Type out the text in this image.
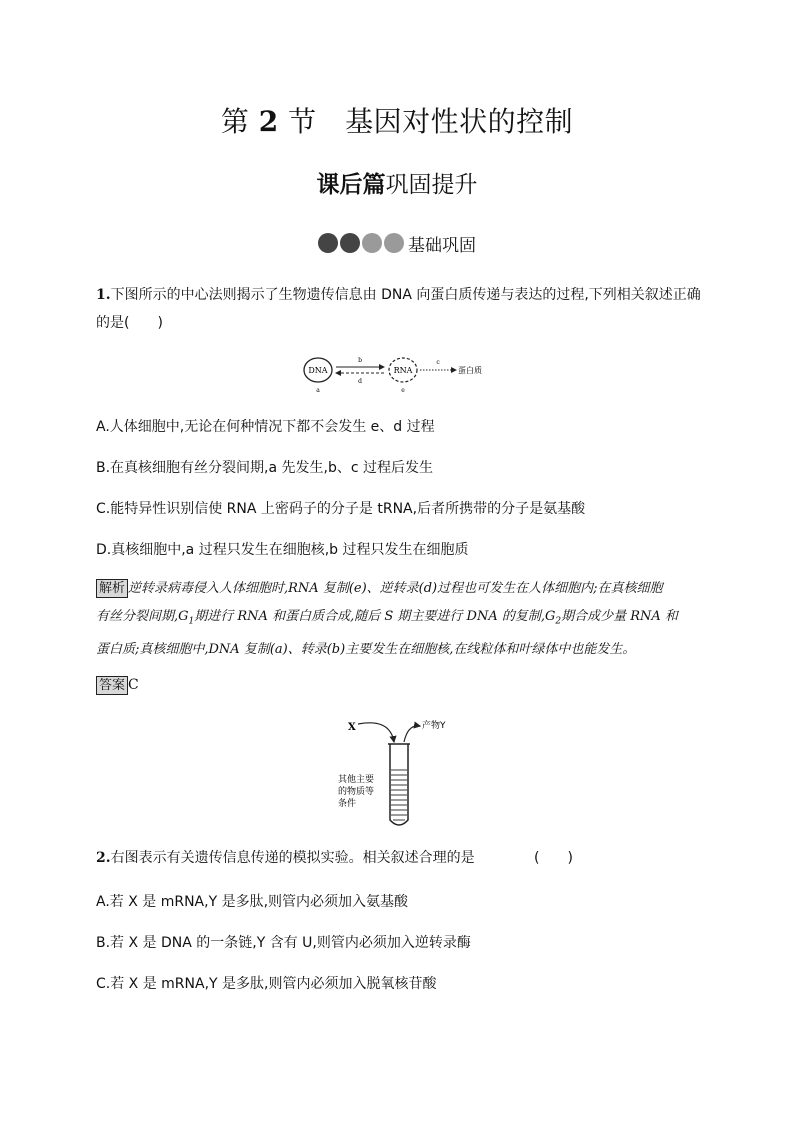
第 2 节　基因对性状的控制
课后篇巩固提升
基础巩固
1.下图所示的中心法则揭示了生物遗传信息由 DNA 向蛋白质传递与表达的过程,下列相关叙述正确
的是(　　)
DNA
a
b
d
RNA
e
c
蛋白质
A.人体细胞中,无论在何种情况下都不会发生 e、d 过程
B.在真核细胞有丝分裂间期,a 先发生,b、c 过程后发生
C.能特异性识别信使 RNA 上密码子的分子是 tRNA,后者所携带的分子是氨基酸
D.真核细胞中,a 过程只发生在细胞核,b 过程只发生在细胞质
解析 逆转录病毒侵入人体细胞时,RNA 复制(e)、逆转录(d)过程也可发生在人体细胞内;在真核细胞
有丝分裂间期$,G_1$期进行 RNA 和蛋白质合成,随后 S 期主要进行 DNA 的复制$,G_2$期合成少量 RNA 和
蛋白质;真核细胞中,DNA 复制(a)、转录(b)主要发生在细胞核,在线粒体和叶绿体中也能发生。
答案 C
X	产物Y
其他主要
的物质等
条件
2.右图表示有关遗传信息传递的模拟实验。相关叙述合理的是	(　　)
A.若 X 是 mRNA,Y 是多肽,则管内必须加入氨基酸
B.若 X 是 DNA 的一条链,Y 含有 U,则管内必须加入逆转录酶
C.若 X 是 mRNA,Y 是多肽,则管内必须加入脱氧核苷酸
